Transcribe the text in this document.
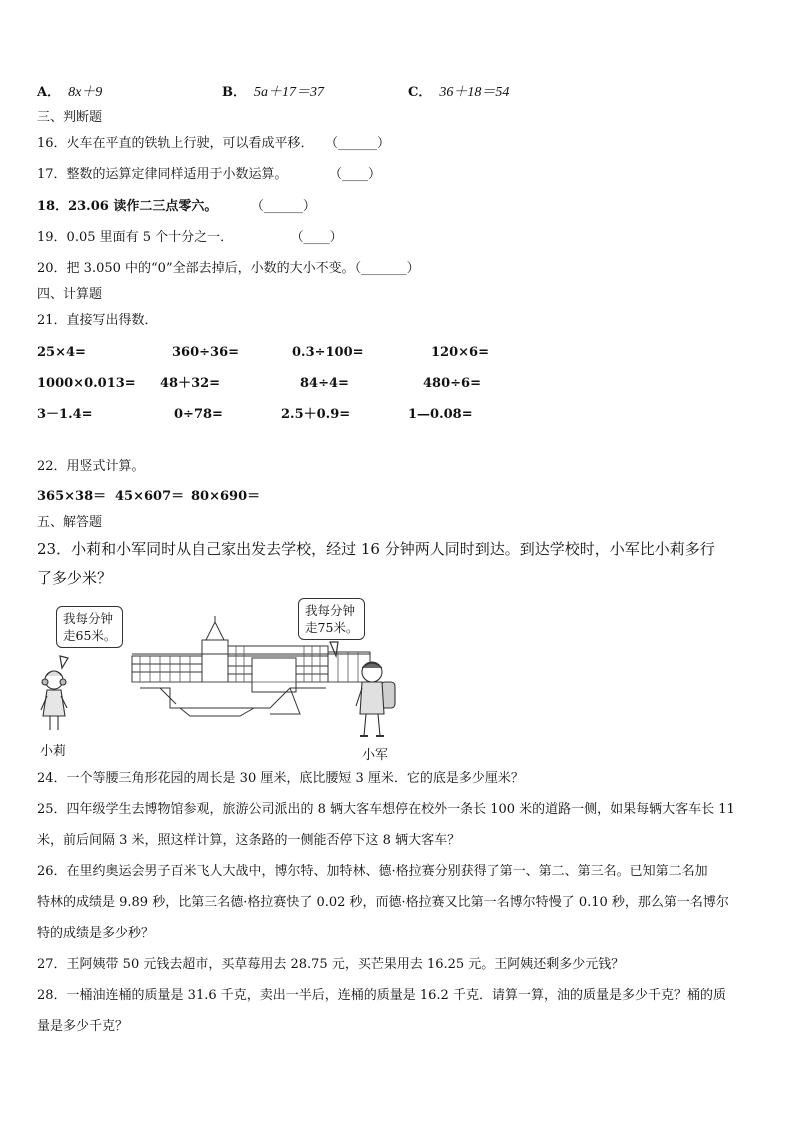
A． 8x＋9	B． 5a＋17＝37	C． 36＋18＝54
三、判断题
16．火车在平直的铁轨上行驶，可以看成平移． （______）
17．整数的运算定律同样适用于小数运算。	（____）
18．23.06 读作二三点零六。	（______）
19．0.05 里面有 5 个十分之一．	（____）
20．把 3.050 中的“0”全部去掉后，小数的大小不变。（_______）
四、计算题
21．直接写出得数．
25×4=	360÷36=	0.3÷100=	120×6=
1000×0.013= 48＋32=	84÷4=	480÷6=
3－1.4=	0÷78=	2.5＋0.9=	1—0.08=
22．用竖式计算。
365×38＝ 45×607＝ 80×690＝
五、解答题
23．小莉和小军同时从自己家出发去学校，经过 16 分钟两人同时到达。到达学校时，小军比小莉多行
了多少米？
我每分钟
走65米。
我每分钟
走75米。
小莉	小军
24．一个等腰三角形花园的周长是 30 厘米，底比腰短 3 厘米．它的底是多少厘米？
25．四年级学生去博物馆参观，旅游公司派出的 8 辆大客车想停在校外一条长 100 米的道路一侧，如果每辆大客车长 11
米，前后间隔 3 米，照这样计算，这条路的一侧能否停下这 8 辆大客车？
26．在里约奥运会男子百米飞人大战中，博尔特、加特林、德·格拉赛分别获得了第一、第二、第三名。已知第二名加
特林的成绩是 9.89 秒，比第三名德·格拉赛快了 0.02 秒，而德·格拉赛又比第一名博尔特慢了 0.10 秒，那么第一名博尔
特的成绩是多少秒？
27．王阿姨带 50 元钱去超市，买草莓用去 28.75 元，买芒果用去 16.25 元。王阿姨还剩多少元钱？
28．一桶油连桶的质量是 31.6 千克，卖出一半后，连桶的质量是 16.2 千克．请算一算，油的质量是多少千克？桶的质
量是多少千克？
